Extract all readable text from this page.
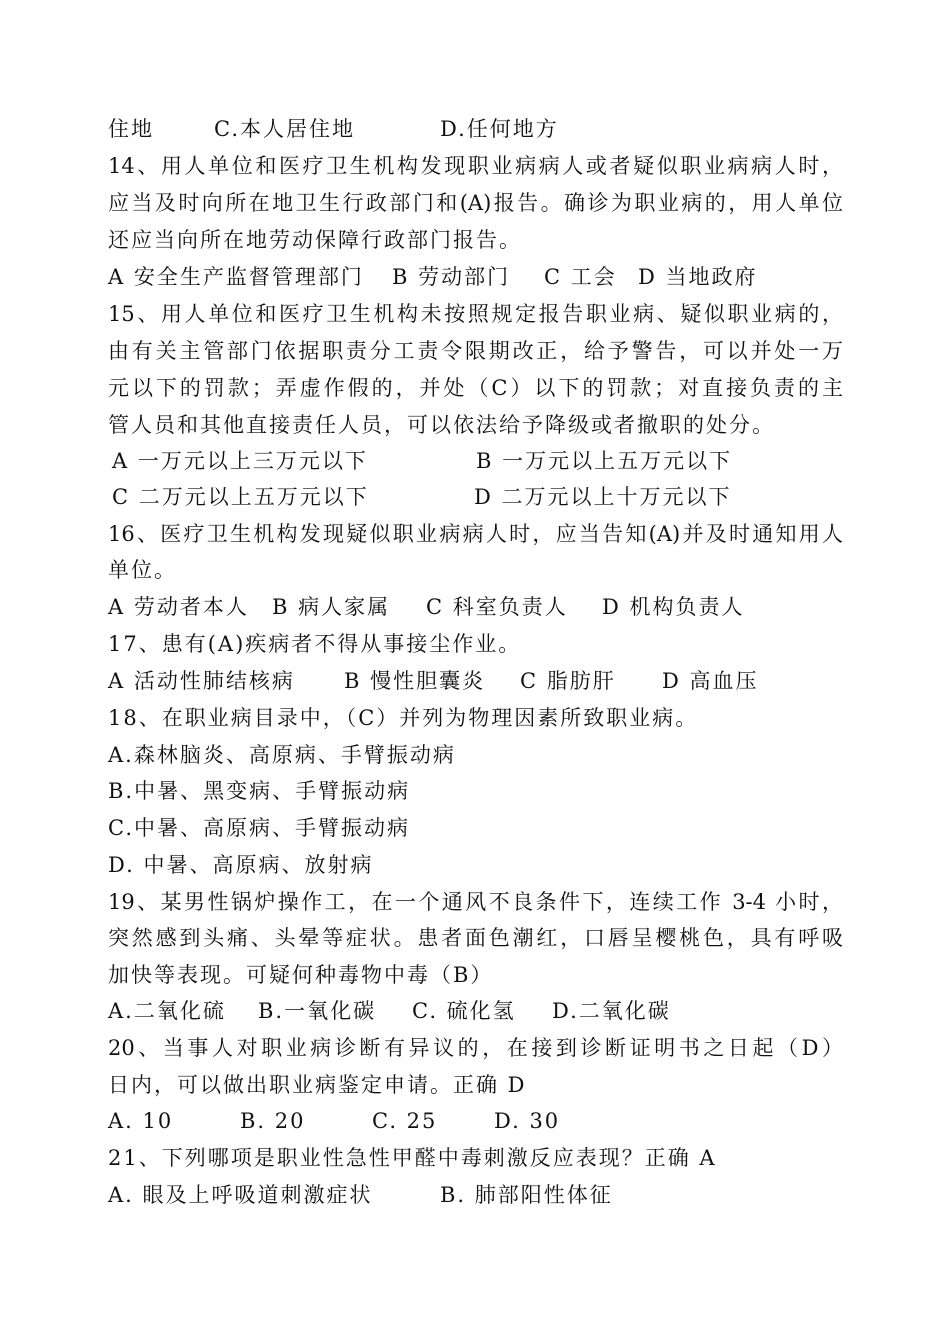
住地	C.本人居住地	D.任何地方
14、用人单位和医疗卫生机构发现职业病病人或者疑似职业病病人时，
应当及时向所在地卫生行政部门和(A)报告。确诊为职业病的，用人单位
还应当向所在地劳动保障行政部门报告。
A 安全生产监督管理部门 B 劳动部门 C 工会 D 当地政府
15、用人单位和医疗卫生机构未按照规定报告职业病、疑似职业病的，
由有关主管部门依据职责分工责令限期改正，给予警告，可以并处一万
元以下的罚款；弄虚作假的，并处（C）以下的罚款；对直接负责的主
管人员和其他直接责任人员，可以依法给予降级或者撤职的处分。
A 一万元以上三万元以下	B 一万元以上五万元以下
C 二万元以上五万元以下	D 二万元以上十万元以下
16、医疗卫生机构发现疑似职业病病人时，应当告知(A)并及时通知用人
单位。
A 劳动者本人 B 病人家属 C 科室负责人 D 机构负责人
17、患有(A)疾病者不得从事接尘作业。
A 活动性肺结核病 B 慢性胆囊炎 C 脂肪肝 D 高血压
18、在职业病目录中，（C）并列为物理因素所致职业病。
A.森林脑炎、高原病、手臂振动病
B.中暑、黑变病、手臂振动病
C.中暑、高原病、手臂振动病
D. 中暑、高原病、放射病
19、某男性锅炉操作工，在一个通风不良条件下，连续工作 3-4 小时，
突然感到头痛、头晕等症状。患者面色潮红，口唇呈樱桃色，具有呼吸
加快等表现。可疑何种毒物中毒（B）
A.二氧化硫 B.一氧化碳 C. 硫化氢 D.二氧化碳
20、当事人对职业病诊断有异议的，在接到诊断证明书之日起（D）
日内，可以做出职业病鉴定申请。正确 D
A. 10	B. 20	C. 25	D. 30
21、下列哪项是职业性急性甲醛中毒刺激反应表现？正确 A
A. 眼及上呼吸道刺激症状	B. 肺部阳性体征
